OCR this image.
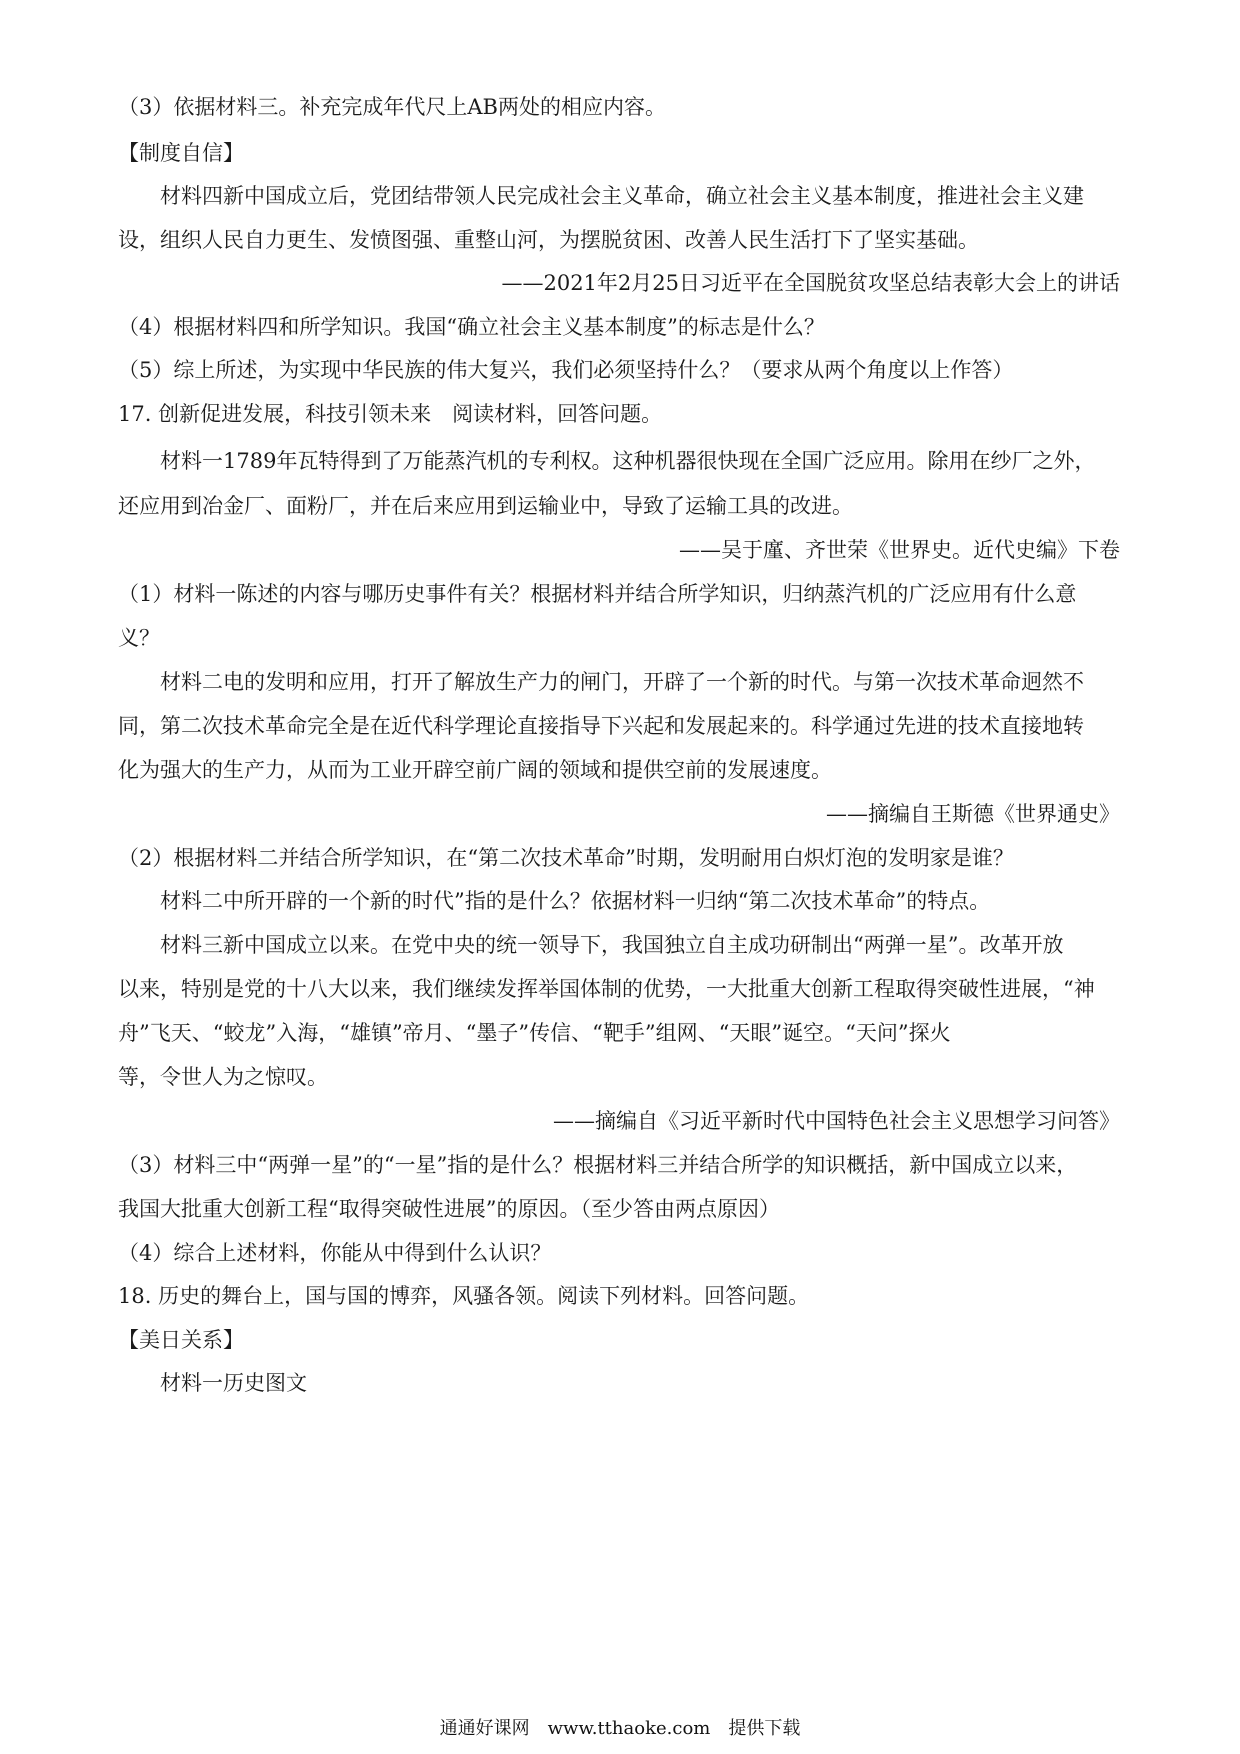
（3）依据材料三。补充完成年代尺上AB两处的相应内容。
【制度自信】
材料四新中国成立后，党团结带领人民完成社会主义革命，确立社会主义基本制度，推进社会主义建
设，组织人民自力更生、发愤图强、重整山河，为摆脱贫困、改善人民生活打下了坚实基础。
——2021年2月25日习近平在全国脱贫攻坚总结表彰大会上的讲话
（4）根据材料四和所学知识。我国“确立社会主义基本制度”的标志是什么？
（5）综上所述，为实现中华民族的伟大复兴，我们必须坚持什么？（要求从两个角度以上作答）
17. 创新促进发展，科技引领未来　阅读材料，回答问题。
材料一1789年瓦特得到了万能蒸汽机的专利权。这种机器很快现在全国广泛应用。除用在纱厂之外，
还应用到冶金厂、面粉厂，并在后来应用到运输业中，导致了运输工具的改进。
——吴于廑、齐世荣《世界史。近代史编》下卷
（1）材料一陈述的内容与哪历史事件有关？根据材料并结合所学知识，归纳蒸汽机的广泛应用有什么意
义？
材料二电的发明和应用，打开了解放生产力的闸门，开辟了一个新的时代。与第一次技术革命迥然不
同，第二次技术革命完全是在近代科学理论直接指导下兴起和发展起来的。科学通过先进的技术直接地转
化为强大的生产力，从而为工业开辟空前广阔的领域和提供空前的发展速度。
——摘编自王斯德《世界通史》
（2）根据材料二并结合所学知识，在“第二次技术革命”时期，发明耐用白炽灯泡的发明家是谁？
材料二中所开辟的一个新的时代”指的是什么？依据材料一归纳“第二次技术革命”的特点。
材料三新中国成立以来。在党中央的统一领导下，我国独立自主成功研制出“两弹一星”。改革开放
以来，特别是党的十八大以来，我们继续发挥举国体制的优势，一大批重大创新工程取得突破性进展，“神
舟”飞天、“蛟龙”入海，“雄镇”帝月、“墨子”传信、“靶手”组网、“天眼”诞空。“天问”探火
等，令世人为之惊叹。
——摘编自《习近平新时代中国特色社会主义思想学习问答》
（3）材料三中“两弹一星”的“一星”指的是什么？根据材料三并结合所学的知识概括，新中国成立以来，
我国大批重大创新工程“取得突破性进展”的原因。（至少答由两点原因）
（4）综合上述材料，你能从中得到什么认识？
18. 历史的舞台上，国与国的博弈，风骚各领。阅读下列材料。回答问题。
【美日关系】
材料一历史图文
通通好课网　www.tthaoke.com　提供下载
